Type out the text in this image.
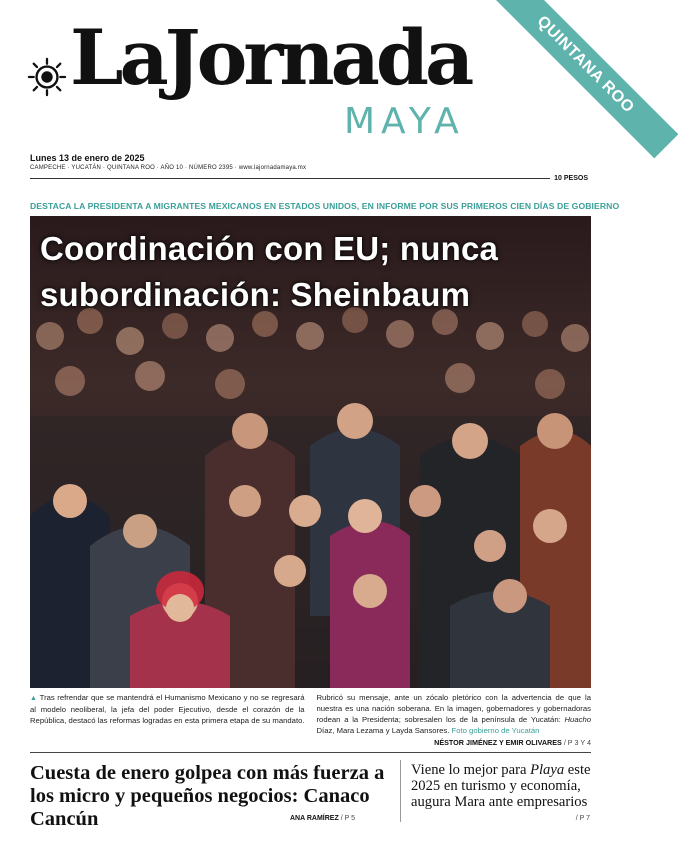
LaJornada
MAYA
QUINTANA ROO
Lunes 13 de enero de 2025
CAMPECHE · YUCATÁN · QUINTANA ROO · AÑO 10 · NÚMERO 2395 · www.lajornadamaya.mx
10 PESOS
DESTACA LA PRESIDENTA A MIGRANTES MEXICANOS EN ESTADOS UNIDOS, EN INFORME POR SUS PRIMEROS CIEN DÍAS DE GOBIERNO
Coordinación con EU; nunca subordinación: Sheinbaum
▲ Tras refrendar que se mantendrá el Humanismo Mexicano y no se regresará al modelo neoliberal, la jefa del poder Ejecutivo, desde el corazón de la República, destacó las reformas logradas en esta primera etapa de su mandato. Rubricó su mensaje, ante un zócalo pletórico con la advertencia de que la nuestra es una nación soberana. En la imagen, gobernadores y gobernadoras rodean a la Presidenta; sobresalen los de la península de Yucatán: Huacho Díaz, Mara Lezama y Layda Sansores. Foto gobierno de Yucatán
NÉSTOR JIMÉNEZ Y EMIR OLIVARES / P 3 Y 4
Cuesta de enero golpea con más fuerza a los micro y pequeños negocios: Canaco Cancún	ANA RAMÍREZ / P 5
Viene lo mejor para Playa este 2025 en turismo y economía, augura Mara ante empresarios
/ P 7
